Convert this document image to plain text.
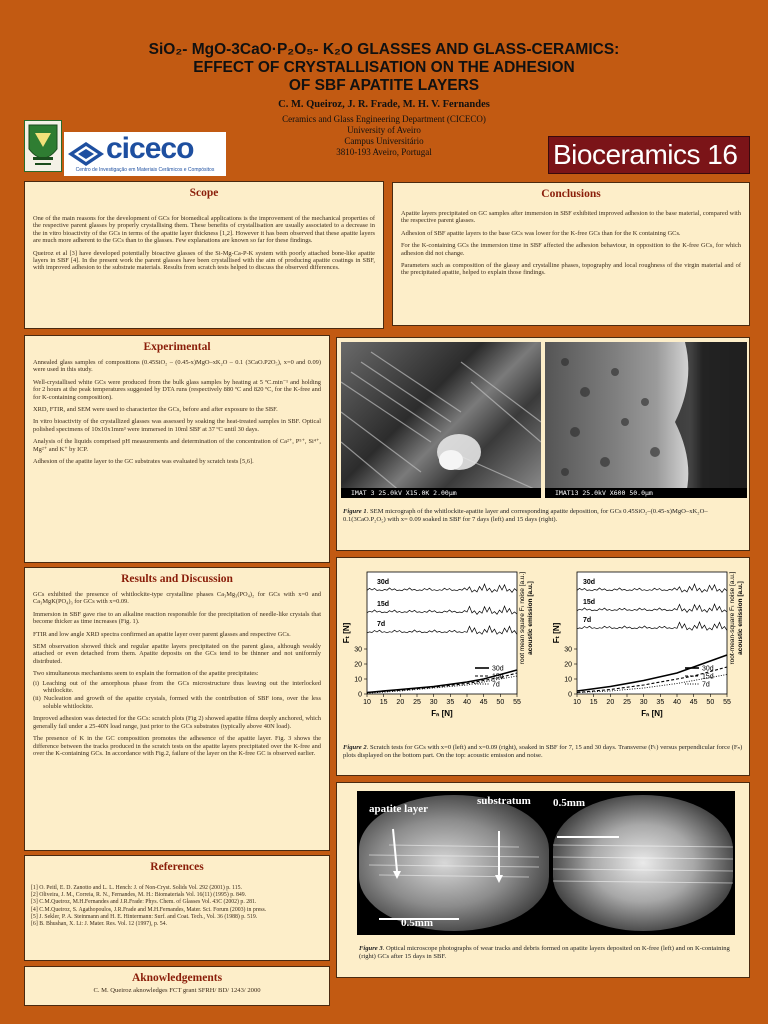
SiO₂- MgO-3CaO·P₂O₅- K₂O GLASSES AND GLASS-CERAMICS:
EFFECT OF CRYSTALLISATION ON THE ADHESION
OF SBF APATITE LAYERS
C. M. Queiroz, J. R. Frade, M. H. V. Fernandes
Ceramics and Glass Engineering Department (CICECO)
University of Aveiro
Campus Universitário
3810-193 Aveiro, Portugal
ciceco
Centro de Investigação em Materiais Cerâmicos e Compósitos	Bioceramics 16
Scope

One of the main reasons for the development of GCs for biomedical applications is the improvement of the mechanical properties of the respective parent glasses by properly crystallising them. These benefits of crystallisation are usually associated to a decrease in the in vitro bioactivity of the GCs in terms of the apatite layer thickness [1,2]. However it has been observed that these apatite layers are much more adherent to the GCs than to the glasses. Few explanations are known so far for these findings.

Queiroz et al [3] have developed potentially bioactive glasses of the Si-Mg-Ca-P-K system with poorly attached bone-like apatite layers in SBF [4]. In the present work the parent glasses have been crystallised with the aim of producing apatite coatings in SBF, with improved adhesion to the substrate materials. Results from scratch tests helped to discuss the observed differences.

Conclusions

Apatite layers precipitated on GC samples after immersion in SBF exhibited improved adhesion to the base material, compared with the respective parent glasses.

Adhesion of SBF apatite layers to the base GCs was lower for the K-free GCs than for the K containing GCs.

For the K-containing GCs the immersion time in SBF affected the adhesion behaviour, in opposition to the K-free GCs, for which adhesion did not change.

Parameters such as composition of the glassy and crystalline phases, topography and local roughness of the virgin material and of the precipitated apatite, helped to explain those findings.

Experimental

Annealed glass samples of compositions (0.45SiO₂ – (0.45-x)MgO–xK₂O – 0.1 (3CaO.P2O₅), x=0 and 0.09) were used in this study.

Well-crystallised white GCs were produced from the bulk glass samples by heating at 5 ºC.min⁻¹ and holding for 2 hours at the peak temperatures suggested by DTA runs (respectively 880 ºC and 820 ºC, for the K-free and for K-containing composition).

XRD, FTIR, and SEM were used to characterize the GCs, before and after exposure to the SBF.

In vitro bioactivity of the crystallized glasses was assessed by soaking the heat-treated samples in SBF. Optical polished specimens of 10x10x1mm³ were immersed in 10ml SBF at 37 ºC until 30 days.

Analysis of the liquids comprised pH measurements and determination of the concentration of Ca²⁺, P⁵⁺, Si⁴⁺, Mg²⁺ and K⁺ by ICP.

Adhesion of the apatite layer to the GC substrates was evaluated by scratch tests [5,6].

IMAT 3 25.0kV X15.0K 2.00µm	IMAT13 25.0kV X600 50.0µm
Figure 1. SEM micrograph of the whitlockite-apatite layer and corresponding apatite deposition, for GCs 0.45SiO₂–(0.45-x)MgO–xK₂O–0.1(3CaO.P₂O₅) with x= 0.09 soaked in SBF for 7 days (left) and 15 days (right).
Results and Discussion

GCs exhibited the presence of whitlockite-type crystalline phases Ca₃Mg₃(PO₄)₂ for GCs with x=0 and Ca₃MgK(PO₄)₃ for GCs with x=0.09.

Immersion in SBF gave rise to an alkaline reaction responsible for the precipitation of needle-like crystals that become thicker as time increases (Fig. 1).

FTIR and low angle XRD spectra confirmed an apatite layer over parent glasses and respective GCs.

SEM observation showed thick and regular apatite layers precipitated on the parent glass, although weakly attached or even detached from them. Apatite deposits on the GCs tend to be thinner and not uniformly distributed.

Two simultaneous mechanisms seem to explain the formation of the apatite precipitates:

(i) Leaching out of the amorphous phase from the GCs microstructure thus leaving out the interlocked whitlockite.

(ii) Nucleation and growth of the apatite crystals, formed with the contribution of SBF ions, over the less soluble whitlockite.

Improved adhesion was detected for the GCs: scratch plots (Fig 2) showed apatite films deeply anchored, which generally fail under a 25-40N load range, just prior to the GCs substrates (typically above 40N load).

The presence of K in the GC composition promotes the adhesence of the apatite layer. Fig. 3 shows the difference between the tracks produced in the scratch tests on the apatite layers precipitated over the K-free and over the K-containing GCs. In accordance with Fig.2, failure of the layer on the K-free GC is observed earlier.

10 15 20 25 30 35 40 45 50 55
0
10
20
30
Fₙ [N]
Fₜ [N]	root mean square Fₜ noise [a.u.] acoustic emission [a.u.]
30d
15d
7d
30d
15d
7d
10 15 20 25 30 35 40 45 50 55
0
10
20
30
Fₙ [N]
Fₜ [N]	root-mean-square Fₜ noise [a.u.] acoustic emission [a.u.]
30d
15d
7d
30d
15d
7d
Figure 2. Scratch tests for GCs with x=0 (left) and x=0.09 (right), soaked in SBF for 7, 15 and 30 days. Transverse (Fₜ) versus perpendicular force (Fₙ) plots displayed on the bottom part. On the top: acoustic emission and noise.
References
[1] O. Peitl, E. D. Zanotto and L. L. Hench: J. of Non-Cryst. Solids Vol. 292 (2001) p. 115.
[2] Oliveira, J. M., Correia, R. N., Fernandes, M. H.: Biomaterials Vol. 16(11) (1995) p. 849.
[3] C.M.Queiroz, M.H.Fernandes and J.R.Frade: Phys. Chem. of Glasses Vol. 43C (2002) p. 281.
[4] C.M.Queiroz, S. Agathopoulos, J.R.Frade and M.H.Fernandes, Mater. Sci. Forum (2003) in press.
[5] J. Sekler, P. A. Steinmann and H. E. Hintermann: Surf. and Coat. Tech., Vol. 36 (1988) p. 519.
[6] B. Bhushan, X. Li: J. Mater. Res. Vol. 12 (1997), p. 54.
Aknowledgements
C. M. Queiroz aknowledges FCT grant SFRH/ BD/ 1243/ 2000
apatite layer
substratum
0.5mm
0.5mm
Figure 3. Optical microscope photographs of wear tracks and debris formed on apatite layers deposited on K-free (left) and on K-containing (right) GCs after 15 days in SBF.
